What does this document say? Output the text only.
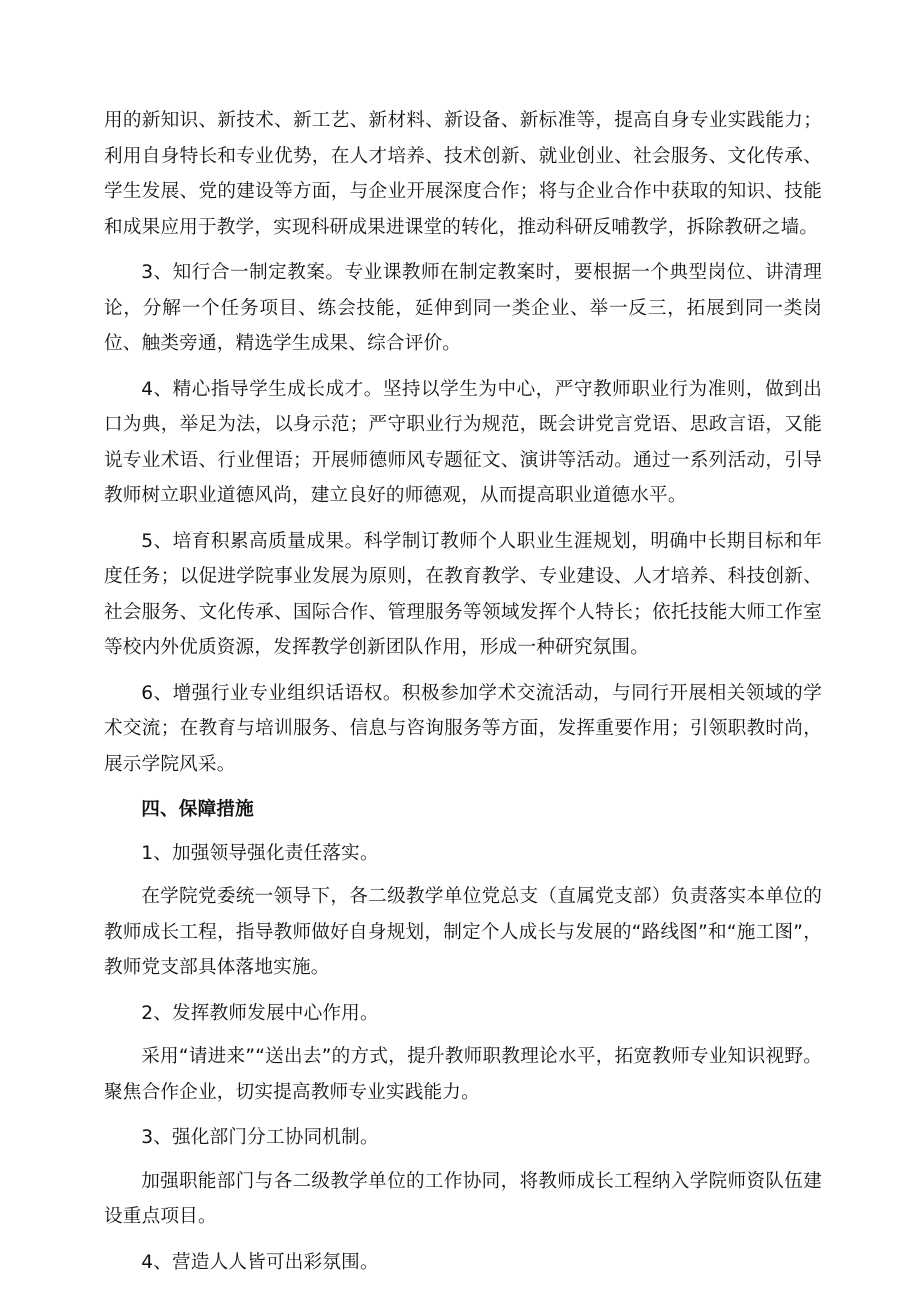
用的新知识、新技术、新工艺、新材料、新设备、新标准等，提高自身专业实践能力；利用自身特长和专业优势，在人才培养、技术创新、就业创业、社会服务、文化传承、学生发展、党的建设等方面，与企业开展深度合作；将与企业合作中获取的知识、技能和成果应用于教学，实现科研成果进课堂的转化，推动科研反哺教学，拆除教研之墙。

3、知行合一制定教案。专业课教师在制定教案时，要根据一个典型岗位、讲清理论，分解一个任务项目、练会技能，延伸到同一类企业、举一反三，拓展到同一类岗位、触类旁通，精选学生成果、综合评价。

4、精心指导学生成长成才。坚持以学生为中心，严守教师职业行为准则，做到出口为典，举足为法，以身示范；严守职业行为规范，既会讲党言党语、思政言语，又能说专业术语、行业俚语；开展师德师风专题征文、演讲等活动。通过一系列活动，引导教师树立职业道德风尚，建立良好的师德观，从而提高职业道德水平。

5、培育积累高质量成果。科学制订教师个人职业生涯规划，明确中长期目标和年度任务；以促进学院事业发展为原则，在教育教学、专业建设、人才培养、科技创新、社会服务、文化传承、国际合作、管理服务等领域发挥个人特长；依托技能大师工作室等校内外优质资源，发挥教学创新团队作用，形成一种研究氛围。

6、增强行业专业组织话语权。积极参加学术交流活动，与同行开展相关领域的学术交流；在教育与培训服务、信息与咨询服务等方面，发挥重要作用；引领职教时尚，展示学院风采。

四、保障措施

1、加强领导强化责任落实。

在学院党委统一领导下，各二级教学单位党总支（直属党支部）负责落实本单位的教师成长工程，指导教师做好自身规划，制定个人成长与发展的“路线图”和“施工图”，教师党支部具体落地实施。

2、发挥教师发展中心作用。

采用“请进来”“送出去”的方式，提升教师职教理论水平，拓宽教师专业知识视野。聚焦合作企业，切实提高教师专业实践能力。

3、强化部门分工协同机制。

加强职能部门与各二级教学单位的工作协同，将教师成长工程纳入学院师资队伍建设重点项目。

4、营造人人皆可出彩氛围。
